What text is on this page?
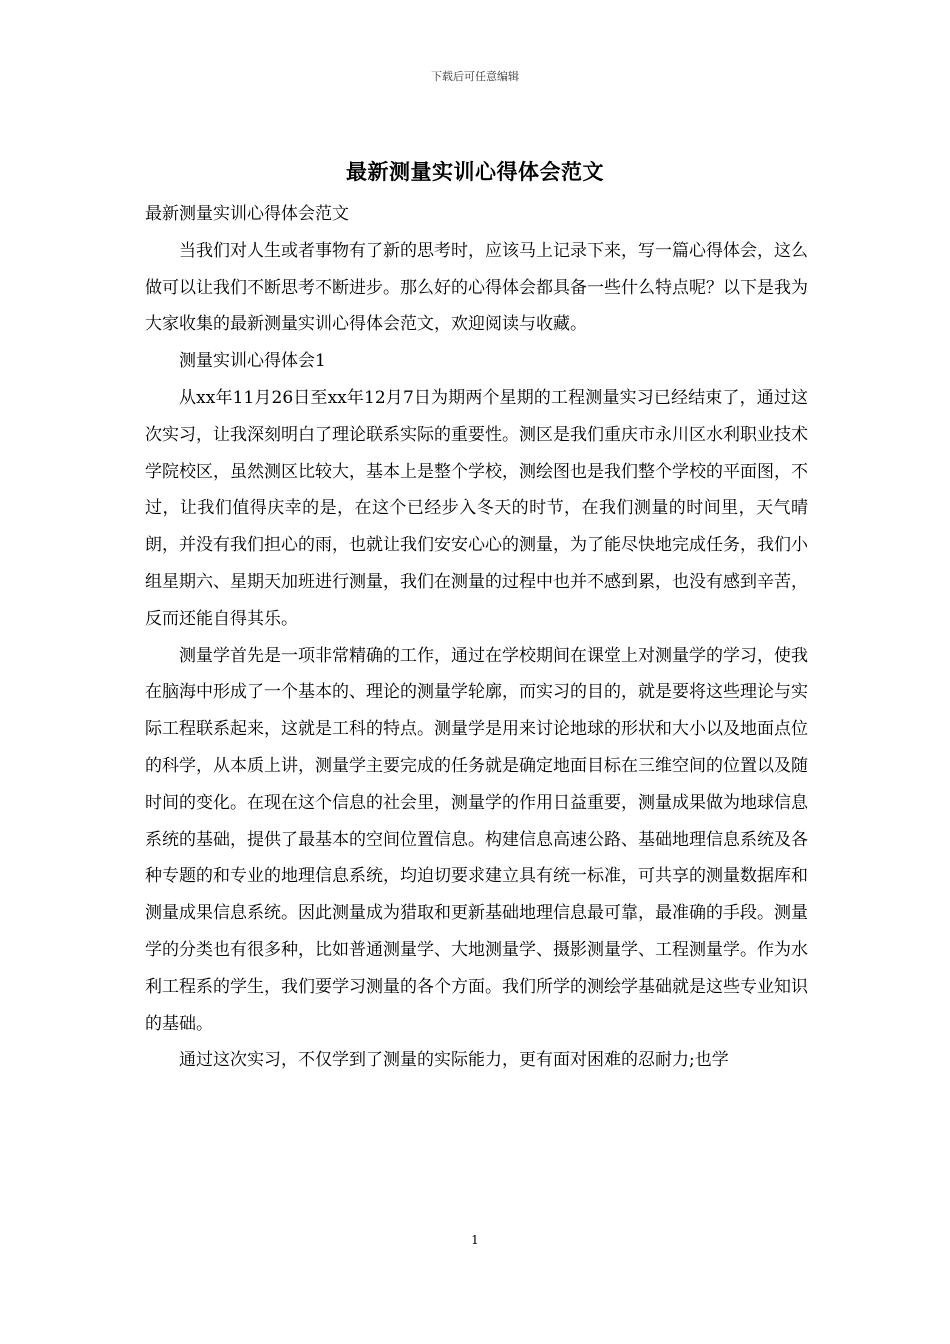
下载后可任意编辑
最新测量实训心得体会范文

最新测量实训心得体会范文

当我们对人生或者事物有了新的思考时，应该马上记录下来，写一篇心得体会，这么做可以让我们不断思考不断进步。那么好的心得体会都具备一些什么特点呢？以下是我为大家收集的最新测量实训心得体会范文，欢迎阅读与收藏。

测量实训心得体会1

从xx年11月26日至xx年12月7日为期两个星期的工程测量实习已经结束了，通过这次实习，让我深刻明白了理论联系实际的重要性。测区是我们重庆市永川区水利职业技术学院校区，虽然测区比较大，基本上是整个学校，测绘图也是我们整个学校的平面图，不过，让我们值得庆幸的是，在这个已经步入冬天的时节，在我们测量的时间里，天气晴朗，并没有我们担心的雨，也就让我们安安心心的测量，为了能尽快地完成任务，我们小组星期六、星期天加班进行测量，我们在测量的过程中也并不感到累，也没有感到辛苦，反而还能自得其乐。

测量学首先是一项非常精确的工作，通过在学校期间在课堂上对测量学的学习，使我在脑海中形成了一个基本的、理论的测量学轮廓，而实习的目的，就是要将这些理论与实际工程联系起来，这就是工科的特点。测量学是用来讨论地球的形状和大小以及地面点位的科学，从本质上讲，测量学主要完成的任务就是确定地面目标在三维空间的位置以及随时间的变化。在现在这个信息的社会里，测量学的作用日益重要，测量成果做为地球信息系统的基础，提供了最基本的空间位置信息。构建信息高速公路、基础地理信息系统及各种专题的和专业的地理信息系统，均迫切要求建立具有统一标准，可共享的测量数据库和测量成果信息系统。因此测量成为猎取和更新基础地理信息最可靠，最准确的手段。测量学的分类也有很多种，比如普通测量学、大地测量学、摄影测量学、工程测量学。作为水利工程系的学生，我们要学习测量的各个方面。我们所学的测绘学基础就是这些专业知识的基础。

通过这次实习，不仅学到了测量的实际能力，更有面对困难的忍耐力;也学

1
